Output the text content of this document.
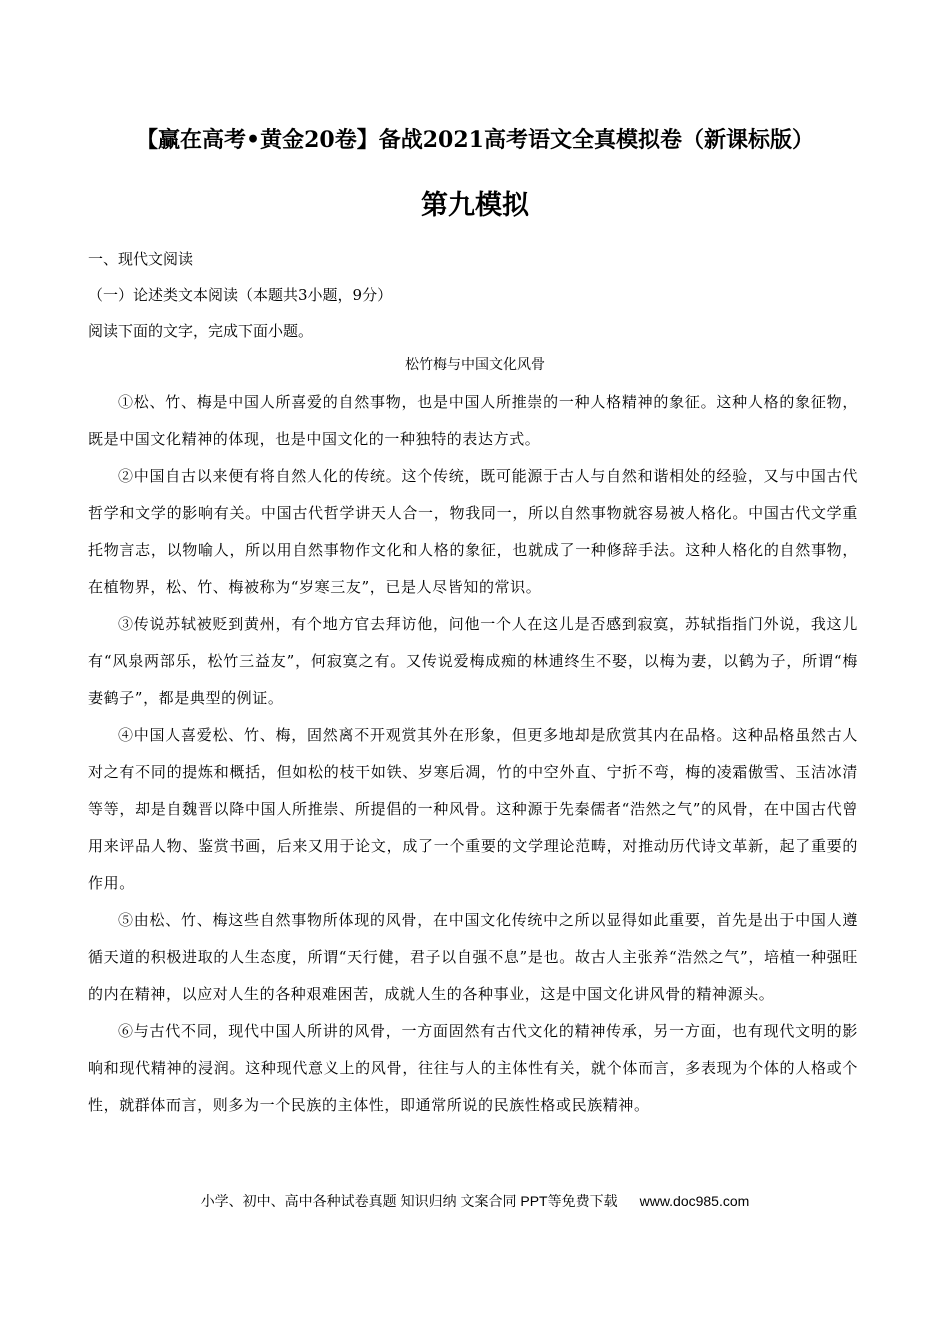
【赢在高考•黄金20卷】备战2021高考语文全真模拟卷（新课标版）
第九模拟
一、现代文阅读
（一）论述类文本阅读（本题共3小题，9分）
阅读下面的文字，完成下面小题。
松竹梅与中国文化风骨

①松、竹、梅是中国人所喜爱的自然事物，也是中国人所推崇的一种人格精神的象征。这种人格的象征物，既是中国文化精神的体现，也是中国文化的一种独特的表达方式。

②中国自古以来便有将自然人化的传统。这个传统，既可能源于古人与自然和谐相处的经验，又与中国古代哲学和文学的影响有关。中国古代哲学讲天人合一，物我同一，所以自然事物就容易被人格化。中国古代文学重托物言志，以物喻人，所以用自然事物作文化和人格的象征，也就成了一种修辞手法。这种人格化的自然事物，在植物界，松、竹、梅被称为“岁寒三友”，已是人尽皆知的常识。

③传说苏轼被贬到黄州，有个地方官去拜访他，问他一个人在这儿是否感到寂寞，苏轼指指门外说，我这儿有“风泉两部乐，松竹三益友”，何寂寞之有。又传说爱梅成痴的林逋终生不娶，以梅为妻，以鹤为子，所谓“梅妻鹤子”，都是典型的例证。

④中国人喜爱松、竹、梅，固然离不开观赏其外在形象，但更多地却是欣赏其内在品格。这种品格虽然古人对之有不同的提炼和概括，但如松的枝干如铁、岁寒后凋，竹的中空外直、宁折不弯，梅的凌霜傲雪、玉洁冰清等等，却是自魏晋以降中国人所推崇、所提倡的一种风骨。这种源于先秦儒者“浩然之气”的风骨，在中国古代曾用来评品人物、鉴赏书画，后来又用于论文，成了一个重要的文学理论范畴，对推动历代诗文革新，起了重要的作用。

⑤由松、竹、梅这些自然事物所体现的风骨，在中国文化传统中之所以显得如此重要，首先是出于中国人遵循天道的积极进取的人生态度，所谓“天行健，君子以自强不息”是也。故古人主张养“浩然之气”，培植一种强旺的内在精神，以应对人生的各种艰难困苦，成就人生的各种事业，这是中国文化讲风骨的精神源头。

⑥与古代不同，现代中国人所讲的风骨，一方面固然有古代文化的精神传承，另一方面，也有现代文明的影响和现代精神的浸润。这种现代意义上的风骨，往往与人的主体性有关，就个体而言，多表现为个体的人格或个性，就群体而言，则多为一个民族的主体性，即通常所说的民族性格或民族精神。

小学、初中、高中各种试卷真题 知识归纳 文案合同 PPT等免费下载 www.doc985.com
